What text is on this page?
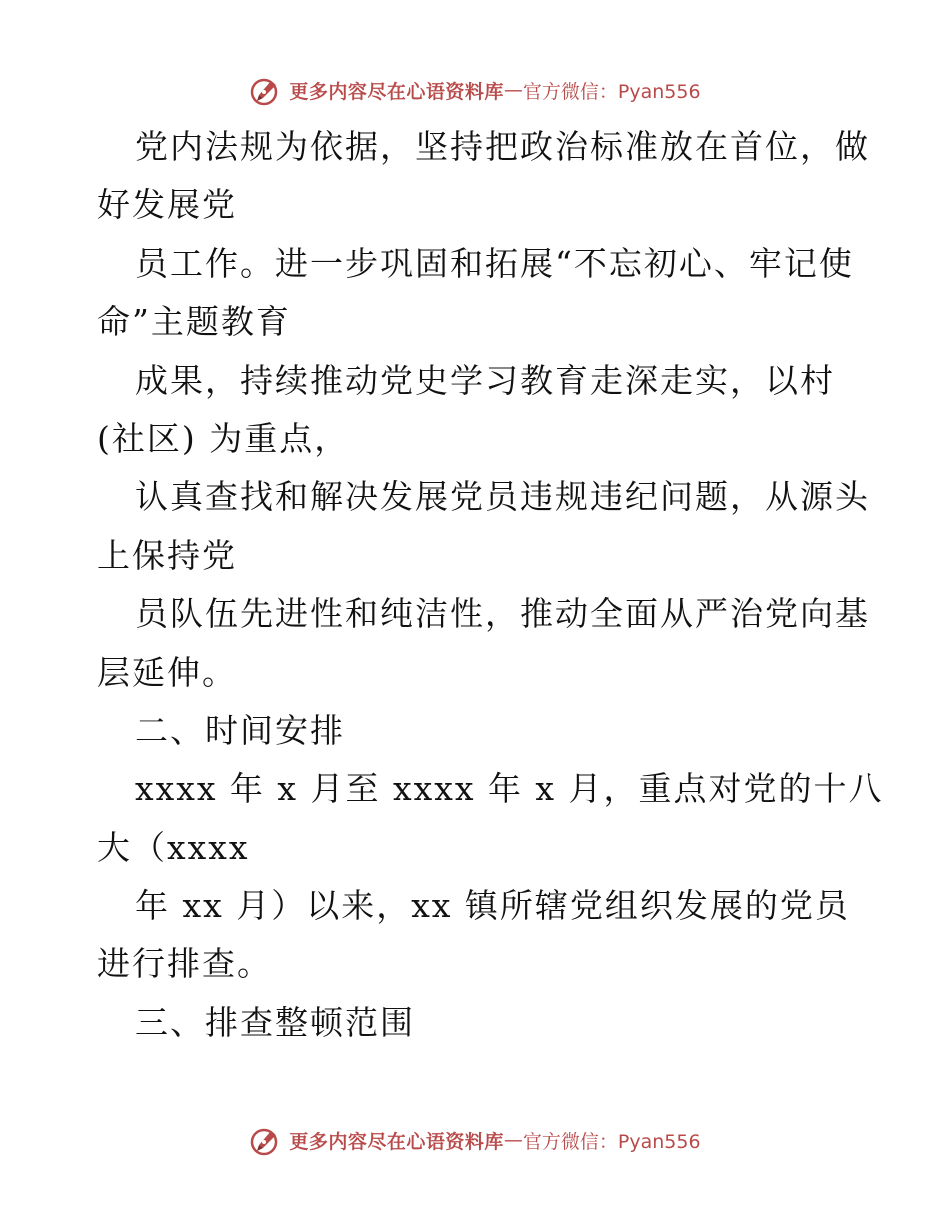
更多内容尽在心语资料库 — 官方微信：Pyan556
党内法规为依据，坚持把政治标准放在首位，做
好发展党
员工作。进一步巩固和拓展“不忘初心、牢记使
命”主题教育
成果，持续推动党史学习教育走深走实，以村
(社区) 为重点，
认真查找和解决发展党员违规违纪问题，从源头
上保持党
员队伍先进性和纯洁性，推动全面从严治党向基
层延伸。
二、时间安排
xxxx 年 x 月至 xxxx 年 x 月，重点对党的十八
大（xxxx
年 xx 月）以来，xx 镇所辖党组织发展的党员
进行排查。
三、排查整顿范围
更多内容尽在心语资料库 — 官方微信：Pyan556
